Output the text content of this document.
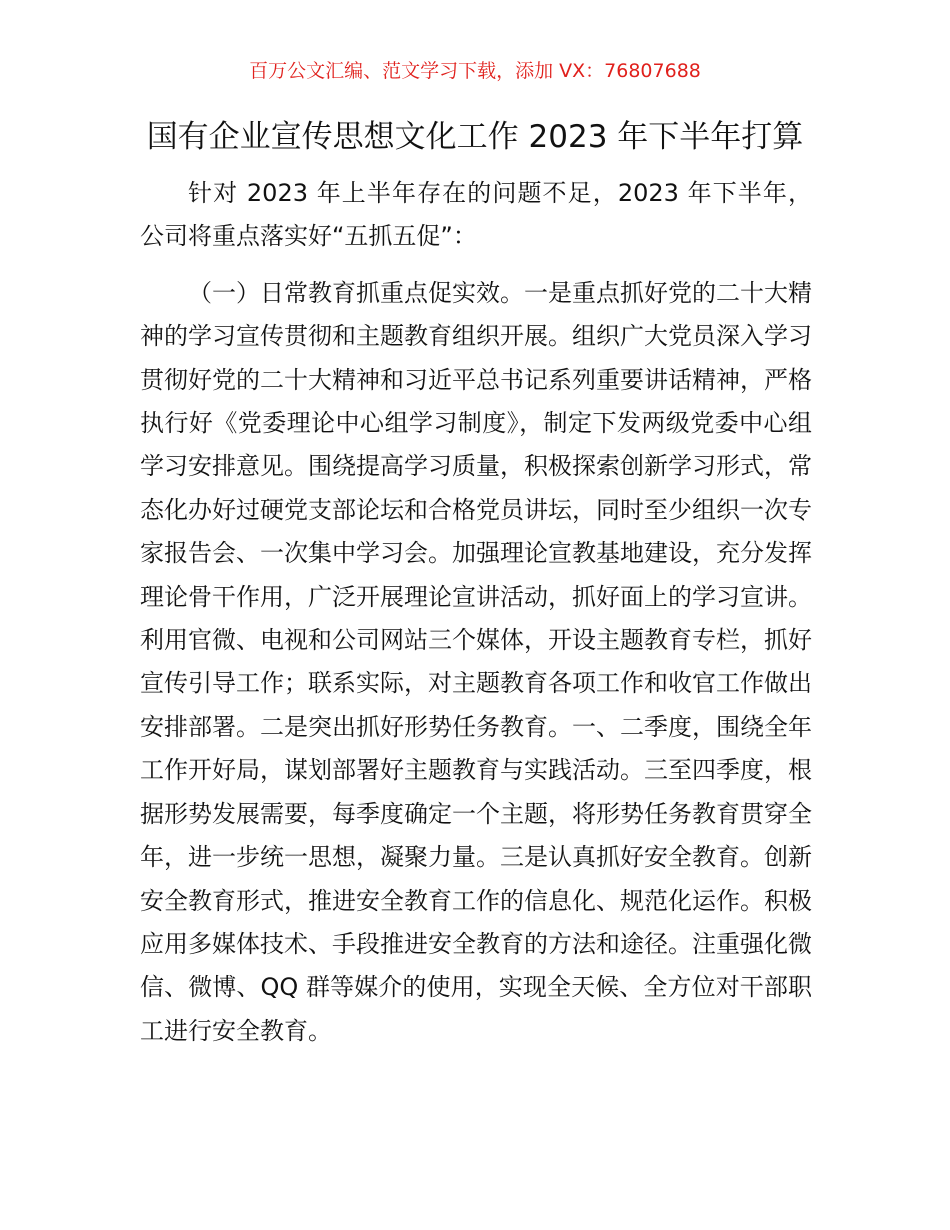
百万公文汇编、范文学习下载，添加 VX：76807688
国有企业宣传思想文化工作 2023 年下半年打算

针对 2023 年上半年存在的问题不足，2023 年下半年，公司将重点落实好“五抓五促”：

（一）日常教育抓重点促实效。一是重点抓好党的二十大精神的学习宣传贯彻和主题教育组织开展。组织广大党员深入学习贯彻好党的二十大精神和习近平总书记系列重要讲话精神，严格执行好《党委理论中心组学习制度》，制定下发两级党委中心组学习安排意见。围绕提高学习质量，积极探索创新学习形式，常态化办好过硬党支部论坛和合格党员讲坛，同时至少组织一次专家报告会、一次集中学习会。加强理论宣教基地建设，充分发挥理论骨干作用，广泛开展理论宣讲活动，抓好面上的学习宣讲。利用官微、电视和公司网站三个媒体，开设主题教育专栏，抓好宣传引导工作；联系实际，对主题教育各项工作和收官工作做出安排部署。二是突出抓好形势任务教育。一、二季度，围绕全年工作开好局，谋划部署好主题教育与实践活动。三至四季度，根据形势发展需要，每季度确定一个主题，将形势任务教育贯穿全年，进一步统一思想，凝聚力量。三是认真抓好安全教育。创新安全教育形式，推进安全教育工作的信息化、规范化运作。积极应用多媒体技术、手段推进安全教育的方法和途径。注重强化微信、微博、QQ 群等媒介的使用，实现全天候、全方位对干部职工进行安全教育。
